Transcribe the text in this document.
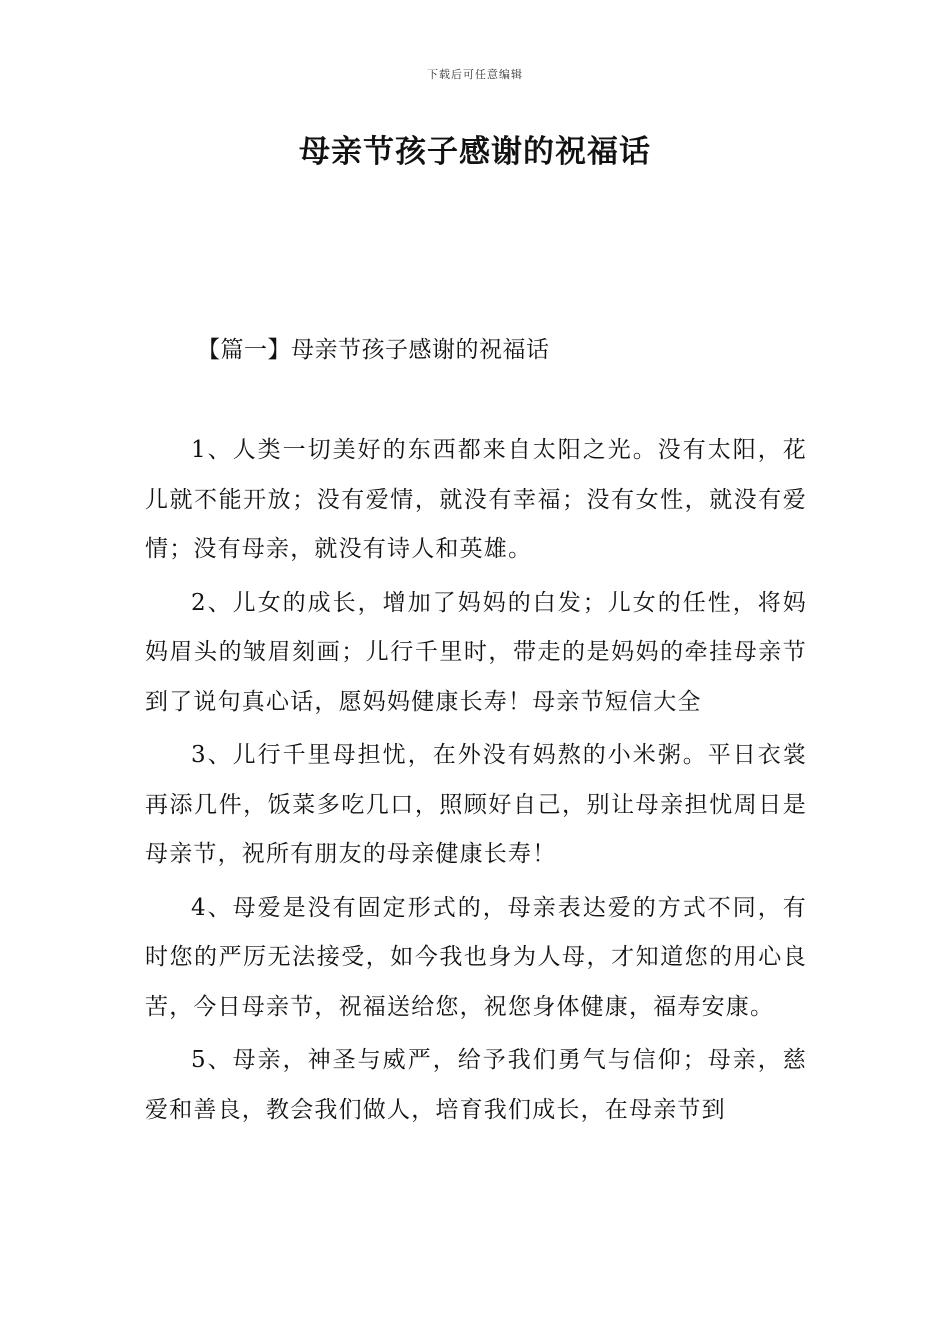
下载后可任意编辑
母亲节孩子感谢的祝福话
【篇一】母亲节孩子感谢的祝福话

1、人类一切美好的东西都来自太阳之光。没有太阳，花儿就不能开放；没有爱情，就没有幸福；没有女性，就没有爱情；没有母亲，就没有诗人和英雄。

2、儿女的成长，增加了妈妈的白发；儿女的任性，将妈妈眉头的皱眉刻画；儿行千里时，带走的是妈妈的牵挂母亲节到了说句真心话，愿妈妈健康长寿！母亲节短信大全

3、儿行千里母担忧，在外没有妈熬的小米粥。平日衣裳再添几件，饭菜多吃几口，照顾好自己，别让母亲担忧周日是母亲节，祝所有朋友的母亲健康长寿！

4、母爱是没有固定形式的，母亲表达爱的方式不同，有时您的严厉无法接受，如今我也身为人母，才知道您的用心良苦，今日母亲节，祝福送给您，祝您身体健康，福寿安康。

5、母亲，神圣与威严，给予我们勇气与信仰；母亲，慈爱和善良，教会我们做人，培育我们成长，在母亲节到
